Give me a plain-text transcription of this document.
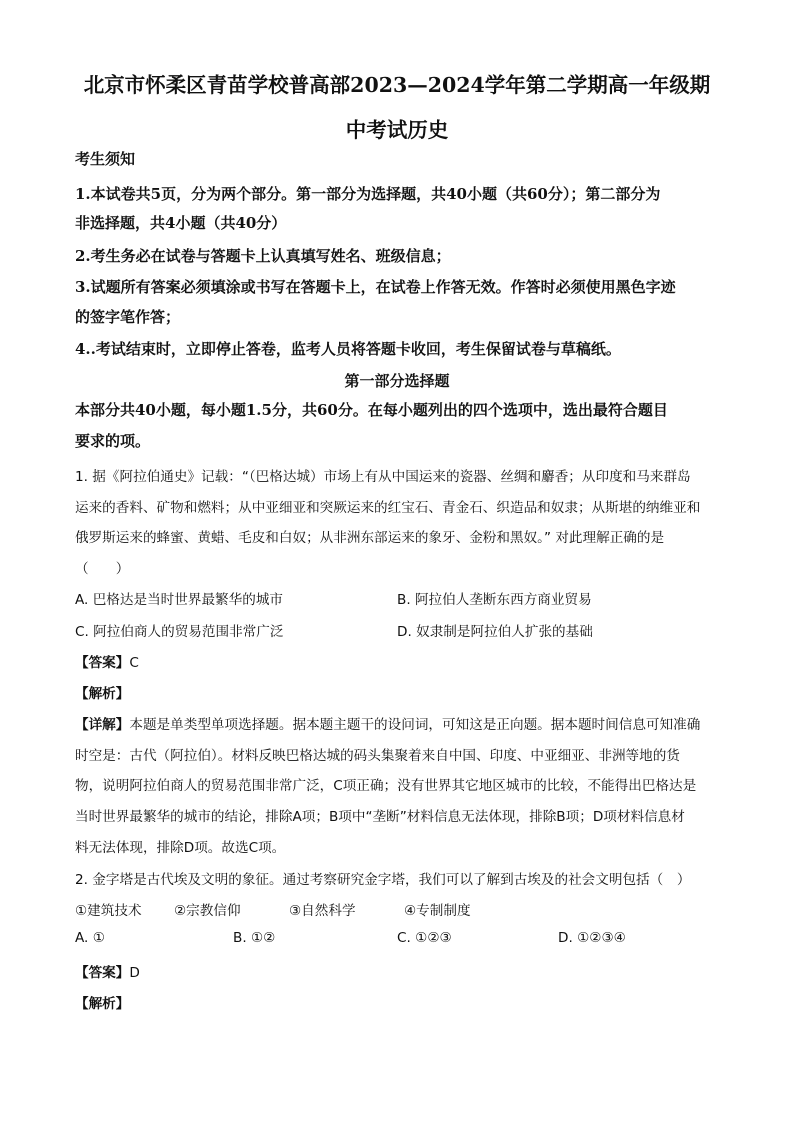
北京市怀柔区青苗学校普高部2023—2024学年第二学期高一年级期
中考试历史
考生须知
1.本试卷共5页，分为两个部分。第一部分为选择题，共40小题（共60分）；第二部分为
非选择题，共4小题（共40分）
2.考生务必在试卷与答题卡上认真填写姓名、班级信息；
3.试题所有答案必须填涂或书写在答题卡上，在试卷上作答无效。作答时必须使用黑色字迹
的签字笔作答；
4..考试结束时，立即停止答卷，监考人员将答题卡收回，考生保留试卷与草稿纸。
第一部分选择题
本部分共40小题，每小题1.5分，共60分。在每小题列出的四个选项中，选出最符合题目
要求的项。
1. 据《阿拉伯通史》记载：“（巴格达城）市场上有从中国运来的瓷器、丝绸和麝香；从印度和马来群岛
运来的香料、矿物和燃料；从中亚细亚和突厥运来的红宝石、青金石、织造品和奴隶；从斯堪的纳维亚和
俄罗斯运来的蜂蜜、黄蜡、毛皮和白奴；从非洲东部运来的象牙、金粉和黑奴。” 对此理解正确的是
（　　）
A. 巴格达是当时世界最繁华的城市	B. 阿拉伯人垄断东西方商业贸易
C. 阿拉伯商人的贸易范围非常广泛	D. 奴隶制是阿拉伯人扩张的基础
【答案】C
【解析】
【详解】本题是单类型单项选择题。据本题主题干的设问词，可知这是正向题。据本题时间信息可知准确
时空是：古代（阿拉伯）。材料反映巴格达城的码头集聚着来自中国、印度、中亚细亚、非洲等地的货
物，说明阿拉伯商人的贸易范围非常广泛，C项正确；没有世界其它地区城市的比较，不能得出巴格达是
当时世界最繁华的城市的结论，排除A项；B项中“垄断”材料信息无法体现，排除B项；D项材料信息材
料无法体现，排除D项。故选C项。
2. 金字塔是古代埃及文明的象征。通过考察研究金字塔，我们可以了解到古埃及的社会文明包括（　）
①建筑技术 ②宗教信仰	③自然科学	④专制制度
A. ①	B. ①②	C. ①②③	D. ①②③④
【答案】D
【解析】
